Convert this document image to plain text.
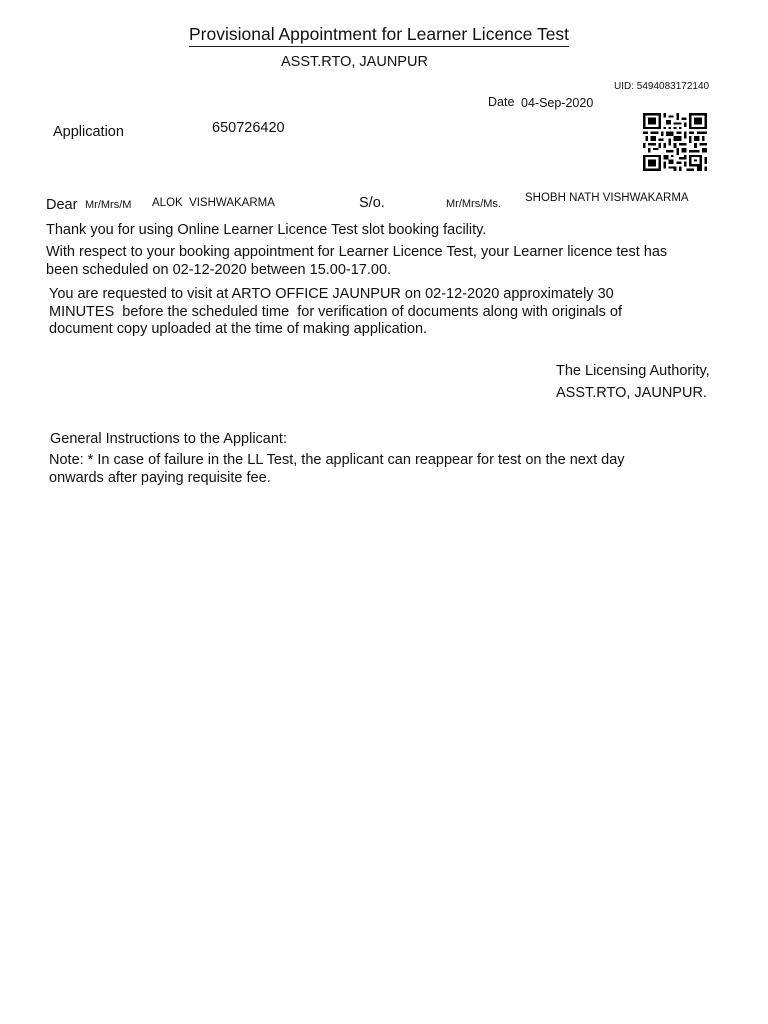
Provisional Appointment for Learner Licence Test
ASST.RTO, JAUNPUR
UID: 5494083172140
Date 04-Sep-2020
Application	650726420
Dear Mr/Mrs/M ALOK  VISHWAKARMA	S/o.	Mr/Mrs/Ms. SHOBH NATH VISHWAKARMA
Thank you for using Online Learner Licence Test slot booking facility.
With respect to your booking appointment for Learner Licence Test, your Learner licence test has
been scheduled on 02-12-2020 between 15.00-17.00.
You are requested to visit at ARTO OFFICE JAUNPUR on 02-12-2020 approximately 30
MINUTES  before the scheduled time  for verification of documents along with originals of
document copy uploaded at the time of making application.
The Licensing Authority,
ASST.RTO, JAUNPUR.
General Instructions to the Applicant:
Note: * In case of failure in the LL Test, the applicant can reappear for test on the next day
onwards after paying requisite fee.
